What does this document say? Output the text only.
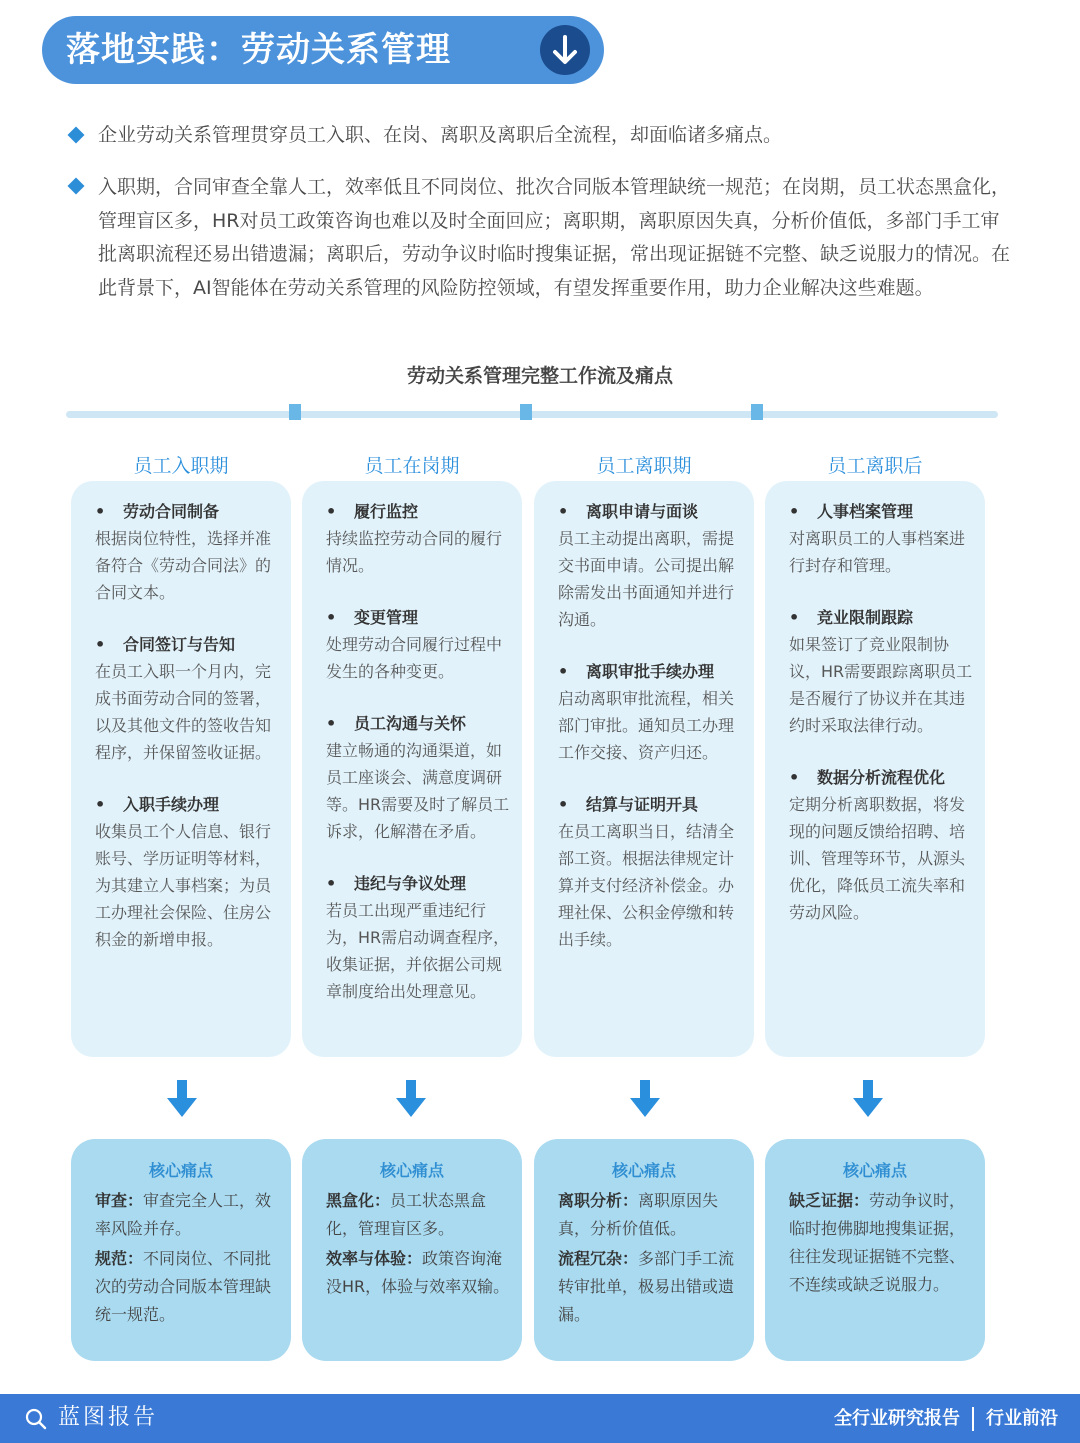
落地实践：劳动关系管理
企业劳动关系管理贯穿员工入职、在岗、离职及离职后全流程，却面临诸多痛点。
入职期，合同审查全靠人工，效率低且不同岗位、批次合同版本管理缺统一规范；在岗期，员工状态黑盒化，管理盲区多，HR对员工政策咨询也难以及时全面回应；离职期，离职原因失真，分析价值低，多部门手工审批离职流程还易出错遗漏；离职后，劳动争议时临时搜集证据，常出现证据链不完整、缺乏说服力的情况。在此背景下，AI智能体在劳动关系管理的风险防控领域，有望发挥重要作用，助力企业解决这些难题。
劳动关系管理完整工作流及痛点
员工入职期	员工在岗期	员工离职期	员工离职后
• 劳动合同制备
根据岗位特性，选择并准备符合《劳动合同法》的合同文本。
• 合同签订与告知
在员工入职一个月内，完成书面劳动合同的签署，以及其他文件的签收告知程序，并保留签收证据。
• 入职手续办理
收集员工个人信息、银行账号、学历证明等材料，为其建立人事档案；为员工办理社会保险、住房公积金的新增申报。
• 履行监控
持续监控劳动合同的履行情况。
• 变更管理
处理劳动合同履行过程中发生的各种变更。
• 员工沟通与关怀
建立畅通的沟通渠道，如员工座谈会、满意度调研等。HR需要及时了解员工诉求，化解潜在矛盾。
• 违纪与争议处理
若员工出现严重违纪行为，HR需启动调查程序，收集证据，并依据公司规章制度给出处理意见。
• 离职申请与面谈
员工主动提出离职，需提交书面申请。公司提出解除需发出书面通知并进行沟通。
• 离职审批手续办理
启动离职审批流程，相关部门审批。通知员工办理工作交接、资产归还。
• 结算与证明开具
在员工离职当日，结清全部工资。根据法律规定计算并支付经济补偿金。办理社保、公积金停缴和转出手续。
• 人事档案管理
对离职员工的人事档案进行封存和管理。
• 竞业限制跟踪
如果签订了竞业限制协议，HR需要跟踪离职员工是否履行了协议并在其违约时采取法律行动。
• 数据分析流程优化
定期分析离职数据，将发现的问题反馈给招聘、培训、管理等环节，从源头优化，降低员工流失率和劳动风险。
核心痛点
审查：审查完全人工，效率风险并存。
规范：不同岗位、不同批次的劳动合同版本管理缺统一规范。
核心痛点
黑盒化：员工状态黑盒化，管理盲区多。
效率与体验：政策咨询淹没HR，体验与效率双输。
核心痛点
离职分析：离职原因失真，分析价值低。
流程冗杂：多部门手工流转审批单，极易出错或遗漏。
核心痛点
缺乏证据：劳动争议时，临时抱佛脚地搜集证据，往往发现证据链不完整、不连续或缺乏说服力。
蓝图报告	全行业研究报告 行业前沿
